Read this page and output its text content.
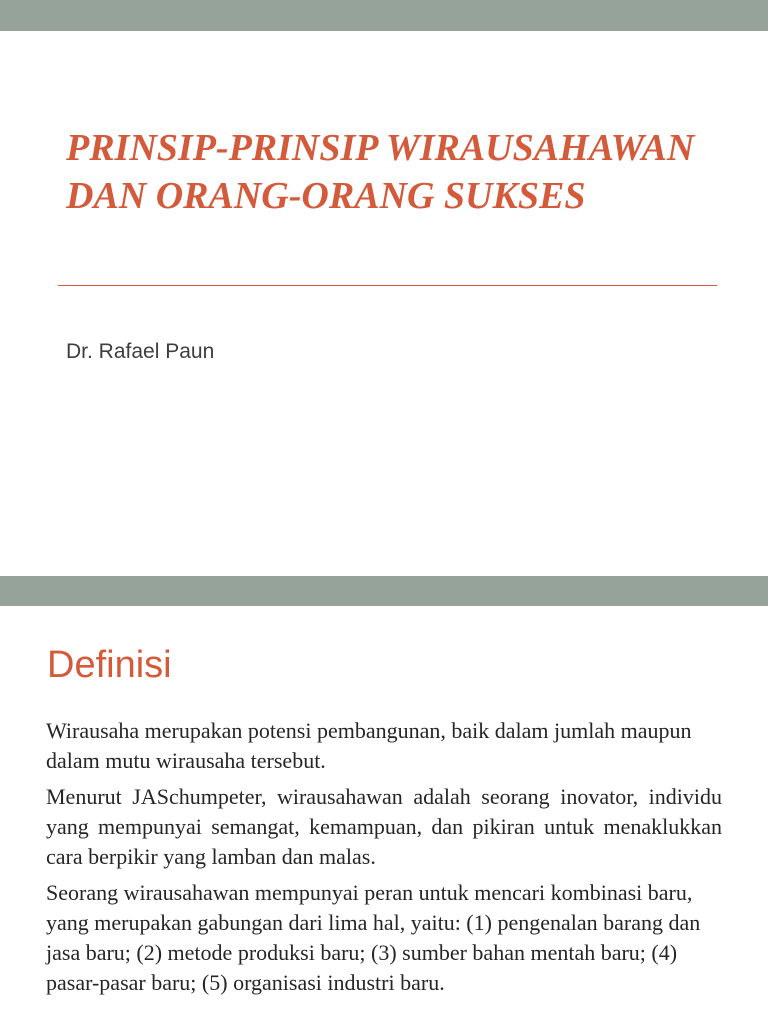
PRINSIP-PRINSIP WIRAUSAHAWAN DAN ORANG-ORANG SUKSES

Dr. Rafael Paun

Definisi

Wirausaha merupakan potensi pembangunan, baik dalam jumlah maupun dalam mutu wirausaha tersebut.

Menurut JASchumpeter, wirausahawan adalah seorang inovator, individu yang mempunyai semangat, kemampuan, dan pikiran untuk menaklukkan cara berpikir yang lamban dan malas.

Seorang wirausahawan mempunyai peran untuk mencari kombinasi baru, yang merupakan gabungan dari lima hal, yaitu: (1) pengenalan barang dan jasa baru; (2) metode produksi baru; (3) sumber bahan mentah baru; (4) pasar-pasar baru; (5) organisasi industri baru.
